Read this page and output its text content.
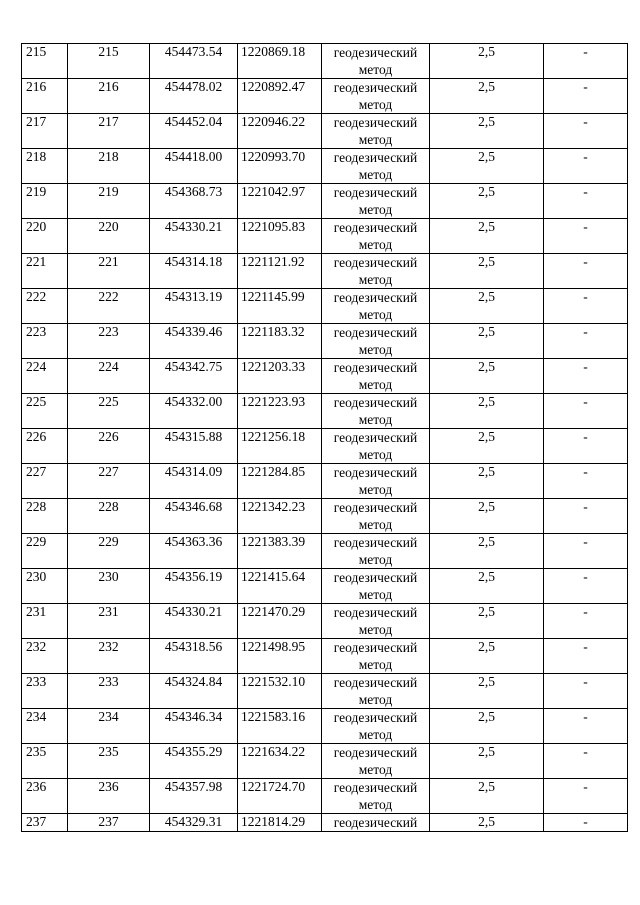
215	215	454473.54	1220869.18	геодезический метод	2,5	-
216	216	454478.02	1220892.47	геодезический метод	2,5	-
217	217	454452.04	1220946.22	геодезический метод	2,5	-
218	218	454418.00	1220993.70	геодезический метод	2,5	-
219	219	454368.73	1221042.97	геодезический метод	2,5	-
220	220	454330.21	1221095.83	геодезический метод	2,5	-
221	221	454314.18	1221121.92	геодезический метод	2,5	-
222	222	454313.19	1221145.99	геодезический метод	2,5	-
223	223	454339.46	1221183.32	геодезический метод	2,5	-
224	224	454342.75	1221203.33	геодезический метод	2,5	-
225	225	454332.00	1221223.93	геодезический метод	2,5	-
226	226	454315.88	1221256.18	геодезический метод	2,5	-
227	227	454314.09	1221284.85	геодезический метод	2,5	-
228	228	454346.68	1221342.23	геодезический метод	2,5	-
229	229	454363.36	1221383.39	геодезический метод	2,5	-
230	230	454356.19	1221415.64	геодезический метод	2,5	-
231	231	454330.21	1221470.29	геодезический метод	2,5	-
232	232	454318.56	1221498.95	геодезический метод	2,5	-
233	233	454324.84	1221532.10	геодезический метод	2,5	-
234	234	454346.34	1221583.16	геодезический метод	2,5	-
235	235	454355.29	1221634.22	геодезический метод	2,5	-
236	236	454357.98	1221724.70	геодезический метод	2,5	-
237	237	454329.31	1221814.29	геодезический	2,5	-
